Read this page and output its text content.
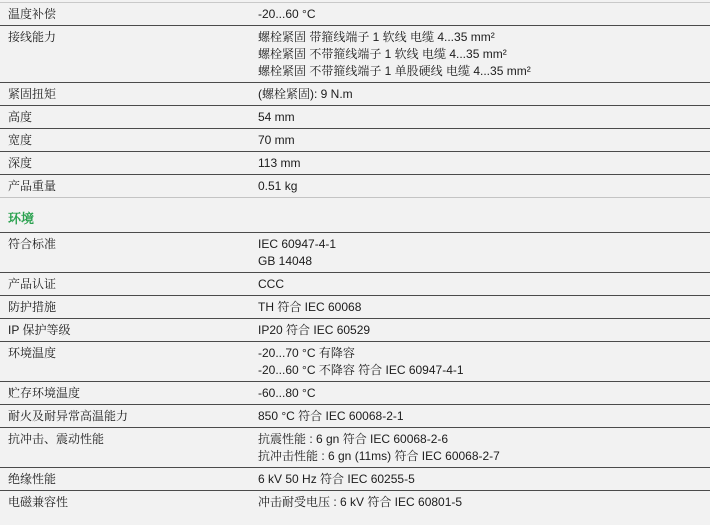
温度补偿	-20...60 °C
接线能力	螺栓紧固 带箍线端子 1 软线 电缆 4...35 mm²
螺栓紧固 不带箍线端子 1 软线 电缆 4...35 mm²
螺栓紧固 不带箍线端子 1 单股硬线 电缆 4...35 mm²
紧固扭矩	(螺栓紧固): 9 N.m
高度	54 mm
宽度	70 mm
深度	113 mm
产品重量	0.51 kg
环境
符合标准	IEC 60947-4-1
GB 14048
产品认证	CCC
防护措施	TH 符合 IEC 60068
IP 保护等级	IP20 符合 IEC 60529
环境温度	-20...70 °C 有降容
-20...60 °C 不降容 符合 IEC 60947-4-1
贮存环境温度	-60...80 °C
耐火及耐异常高温能力	850 °C 符合 IEC 60068-2-1
抗冲击、震动性能	抗震性能 : 6 gn 符合 IEC 60068-2-6
抗冲击性能 : 6 gn (11ms) 符合 IEC 60068-2-7
绝缘性能	6 kV 50 Hz 符合 IEC 60255-5
电磁兼容性	冲击耐受电压 : 6 kV 符合 IEC 60801-5
